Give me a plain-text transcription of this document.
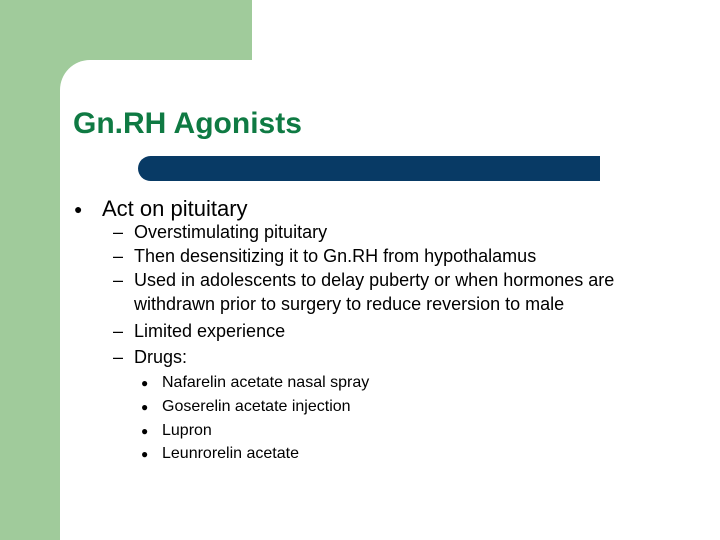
Gn.RH Agonists
● Act on pituitary
– Overstimulating pituitary
– Then desensitizing it to Gn.RH from hypothalamus
– Used in adolescents to delay puberty or when hormones are
withdrawn prior to surgery to reduce reversion to male
– Limited experience
– Drugs:
● Nafarelin acetate nasal spray
● Goserelin acetate injection
● Lupron
● Leunrorelin acetate
